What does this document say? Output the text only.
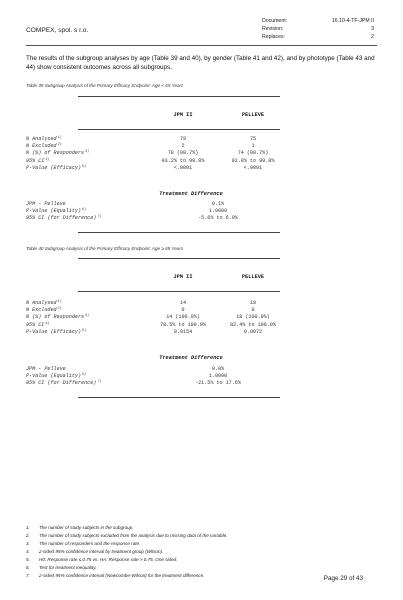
COMPEX, spol. s r.o.
Document:	16.10-4-TF-JPM II
Revision:	3
Replaces:	2
The results of the subgroup analyses by age (Table 39 and 40), by gender (Table 41 and 42), and by phototype (Table 43 and 44) show consistent outcomes across all subgroups.
Table 39 Subgroup Analysis of the Primary Efficacy Endpoint: Age < 65 Years
JPM II	PELLEVE
N Analysed$^{1)}$	79	75
N Excluded$^{2)}$	2	1
N (%) of Responders$^{3)}$	78 (98.7%)	74 (98.7%)
95% CI$^{4)}$	93.2% to 99.8%	92.8% to 99.8%
P-Value (Efficacy)$^{5)}$	<.0001	<.0001
Treatment Difference
JPM - Pelleve	0.1%
P-Value (Equality)$^{6)}$	1.0000
95% CI (for Difference)$^{7)}$	-5.6% to 6.0%
Table 40 Subgroup Analysis of the Primary Efficacy Endpoint: Age ≥ 65 Years
JPM II	PELLEVE
N Analysed$^{1)}$	14	18
N Excluded$^{2)}$	0	0
N (%) of Responders$^{3)}$	14 (100.0%)	18 (100.0%)
95% CI$^{4)}$	78.5% to 100.0%	82.4% to 100.0%
P-Value (Efficacy)$^{5)}$	0.0154	0.0072
Treatment Difference
JPM - Pelleve	0.0%
P-Value (Equality)$^{6)}$	1.0000
95% CI (for Difference)$^{7)}$	-21.5% to 17.6%
1.	The number of study subjects in the subgroup.
2.	The number of study subjects excluded from the analysis due to missing data of the variable.
3.	The number of responders and the response rate.
4.	2-sided 95% confidence interval by treatment group (Wilson).
5.	H0: Response rate ≤ 0.75 vs. HA: Response rate > 0.75. One sided.
6.	Test for treatment inequality.
7.	2-sided 95% confidence interval (Newcombe-Wilson) for the treatment difference.	Page 29 of 43
